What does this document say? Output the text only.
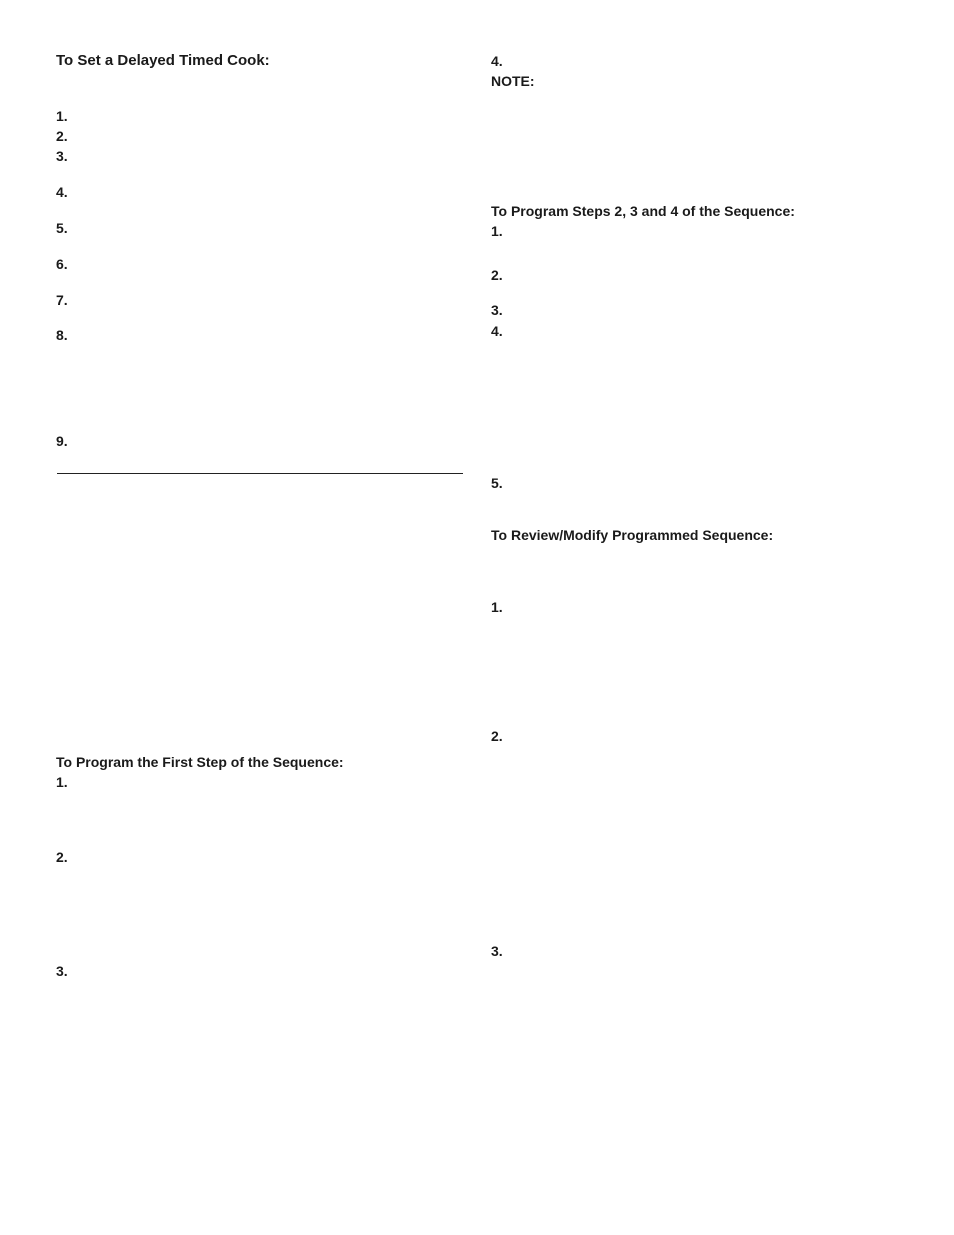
To Set a Delayed Timed Cook:
1.
2.
3.
4.
5.
6.
7.
8.
9.
To Program the First Step of the Sequence:
1.
2.
3.
4.
NOTE:
To Program Steps 2, 3 and 4 of the Sequence:
1.
2.
3.
4.
5.
To Review/Modify Programmed Sequence:
1.
2.
3.
